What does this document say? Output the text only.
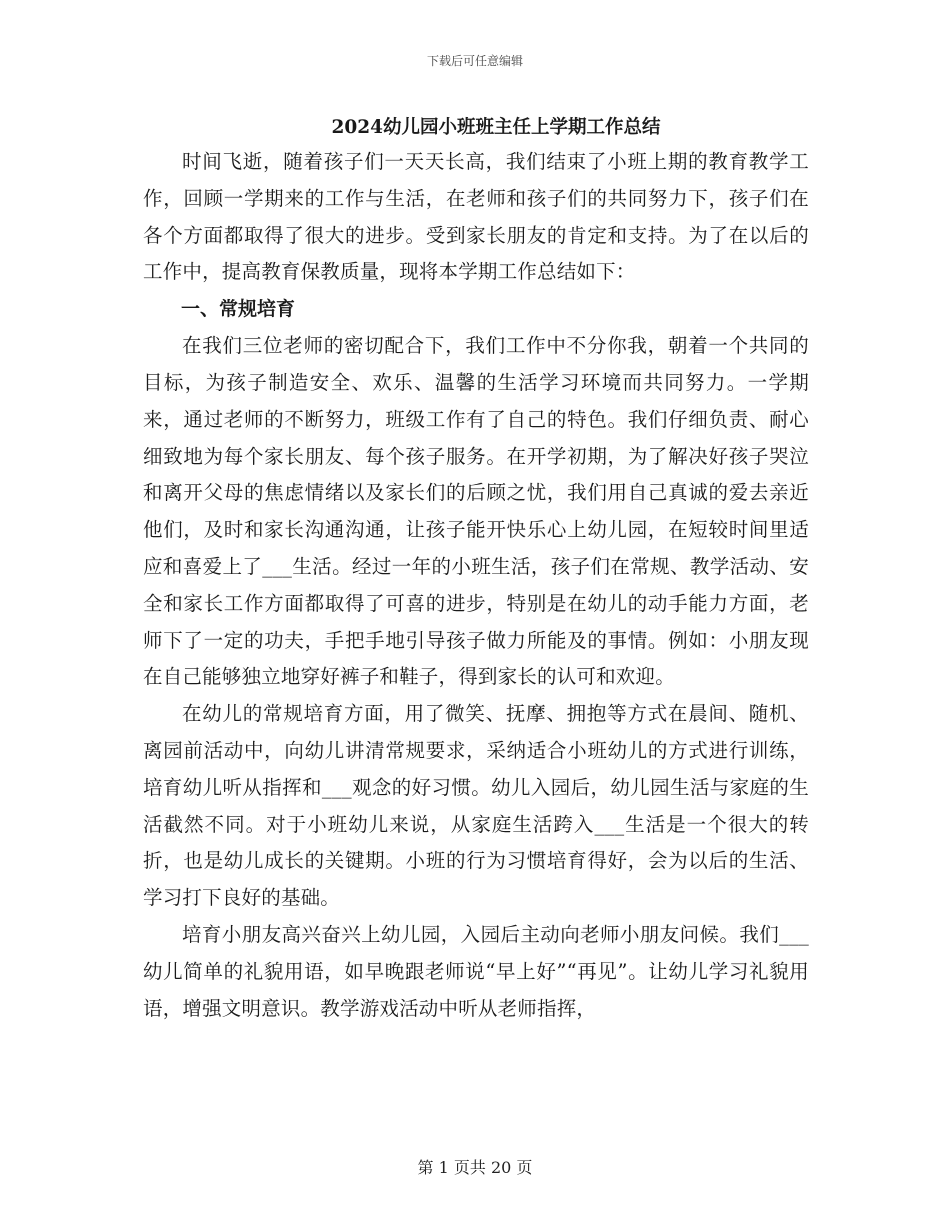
下载后可任意编辑
2024幼儿园小班班主任上学期工作总结

时间飞逝，随着孩子们一天天长高，我们结束了小班上期的教育教学工作，回顾一学期来的工作与生活，在老师和孩子们的共同努力下，孩子们在各个方面都取得了很大的进步。受到家长朋友的肯定和支持。为了在以后的工作中，提高教育保教质量，现将本学期工作总结如下：

一、常规培育

在我们三位老师的密切配合下，我们工作中不分你我，朝着一个共同的目标，为孩子制造安全、欢乐、温馨的生活学习环境而共同努力。一学期来，通过老师的不断努力，班级工作有了自己的特色。我们仔细负责、耐心细致地为每个家长朋友、每个孩子服务。在开学初期，为了解决好孩子哭泣和离开父母的焦虑情绪以及家长们的后顾之忧，我们用自己真诚的爱去亲近他们，及时和家长沟通沟通，让孩子能开快乐心上幼儿园，在短较时间里适应和喜爱上了___生活。经过一年的小班生活，孩子们在常规、教学活动、安全和家长工作方面都取得了可喜的进步，特别是在幼儿的动手能力方面，老师下了一定的功夫，手把手地引导孩子做力所能及的事情。例如：小朋友现在自己能够独立地穿好裤子和鞋子，得到家长的认可和欢迎。

在幼儿的常规培育方面，用了微笑、抚摩、拥抱等方式在晨间、随机、离园前活动中，向幼儿讲清常规要求，采纳适合小班幼儿的方式进行训练，培育幼儿听从指挥和___观念的好习惯。幼儿入园后，幼儿园生活与家庭的生活截然不同。对于小班幼儿来说，从家庭生活跨入___生活是一个很大的转折，也是幼儿成长的关键期。小班的行为习惯培育得好，会为以后的生活、学习打下良好的基础。

培育小朋友高兴奋兴上幼儿园，入园后主动向老师小朋友问候。我们___幼儿简单的礼貌用语，如早晚跟老师说“早上好”“再见”。让幼儿学习礼貌用语，增强文明意识。教学游戏活动中听从老师指挥，

第 1 页共 20 页
